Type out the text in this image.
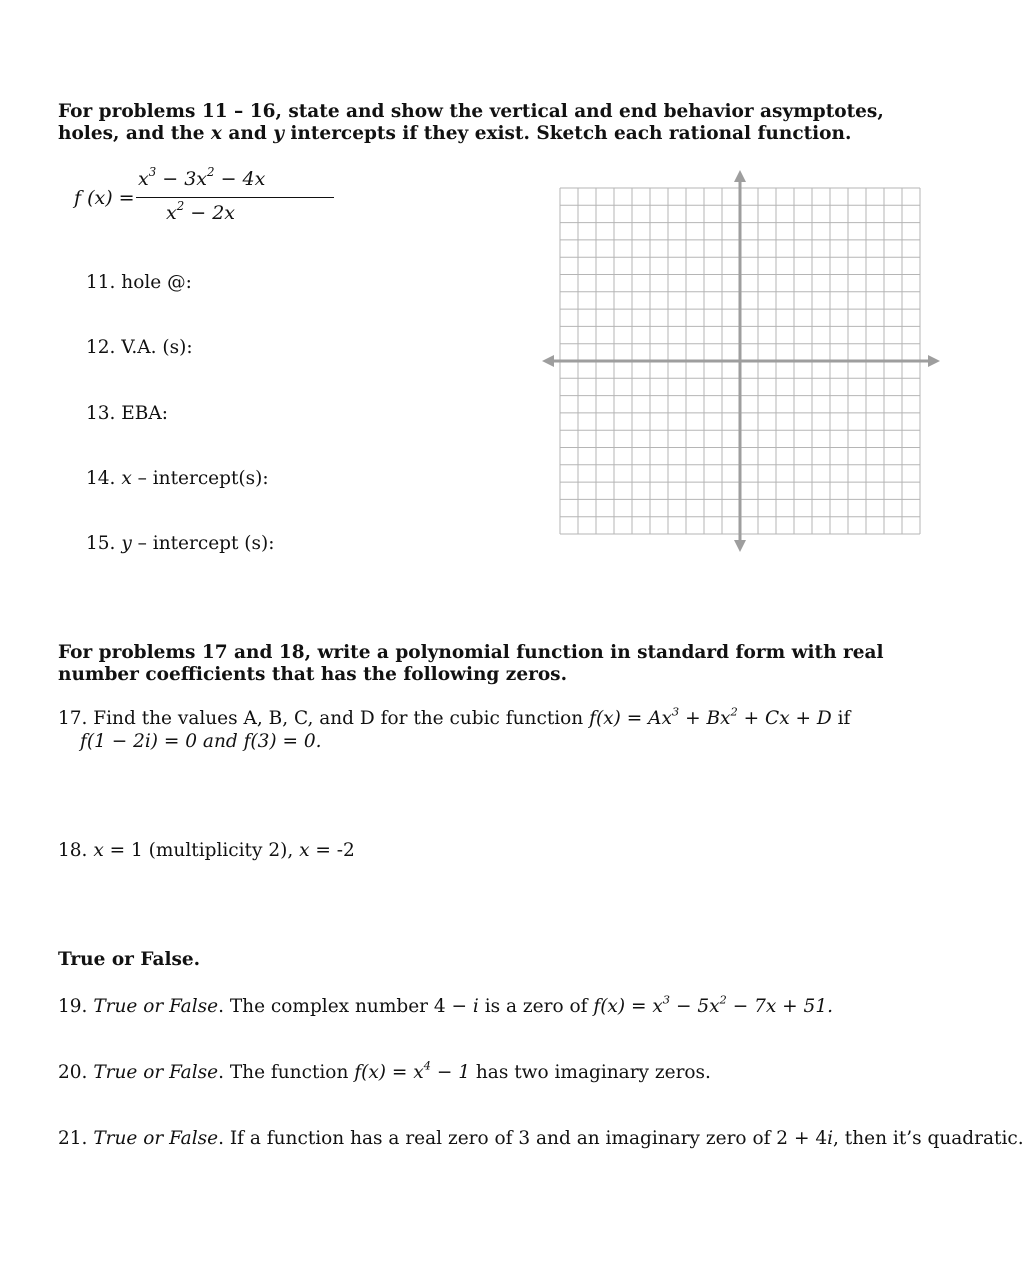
For problems 11 – 16, state and show the vertical and end behavior asymptotes, holes, and the x and y intercepts if they exist. Sketch each rational function.
f (x) =
$x^3 - 3x^2 - 4x$
$x^2 - 2x$
11. hole @:
12. V.A. (s):
13. EBA:
14. x – intercept(s):
15. y – intercept (s):
For problems 17 and 18, write a polynomial function in standard form with real number coefficients that has the following zeros.
17. Find the values A, B, C, and D for the cubic function $f(x) = Ax^3 + Bx^2 + Cx + D$ if
f(1 − 2i) = 0 and f(3) = 0.
18. x = 1 (multiplicity 2), x = -2
True or False.
19. True or False. The complex number 4 − i is a zero of $f(x) = x^3 - 5x^2 - 7x + 51$.
20. True or False. The function $f(x) = x^4 - 1$ has two imaginary zeros.
21. True or False. If a function has a real zero of 3 and an imaginary zero of 2 + 4i, then it’s quadratic.
